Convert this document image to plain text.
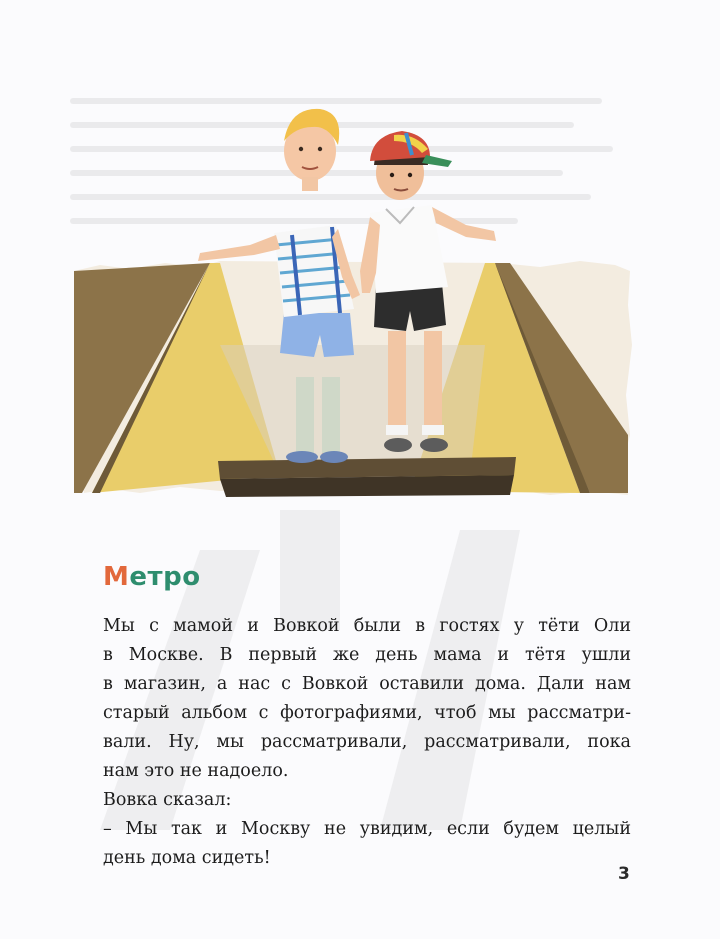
Метро

Мы с мамой и Вовкой были в гостях у тёти Оли

в Москве. В первый же день мама и тётя ушли

в магазин, а нас с Вовкой оставили дома. Дали нам

старый альбом с фотографиями, чтоб мы рассматри-

вали. Ну, мы рассматривали, рассматривали, пока

нам это не надоело.

Вовка сказал:

– Мы так и Москву не увидим, если будем целый

день дома сидеть!

3
